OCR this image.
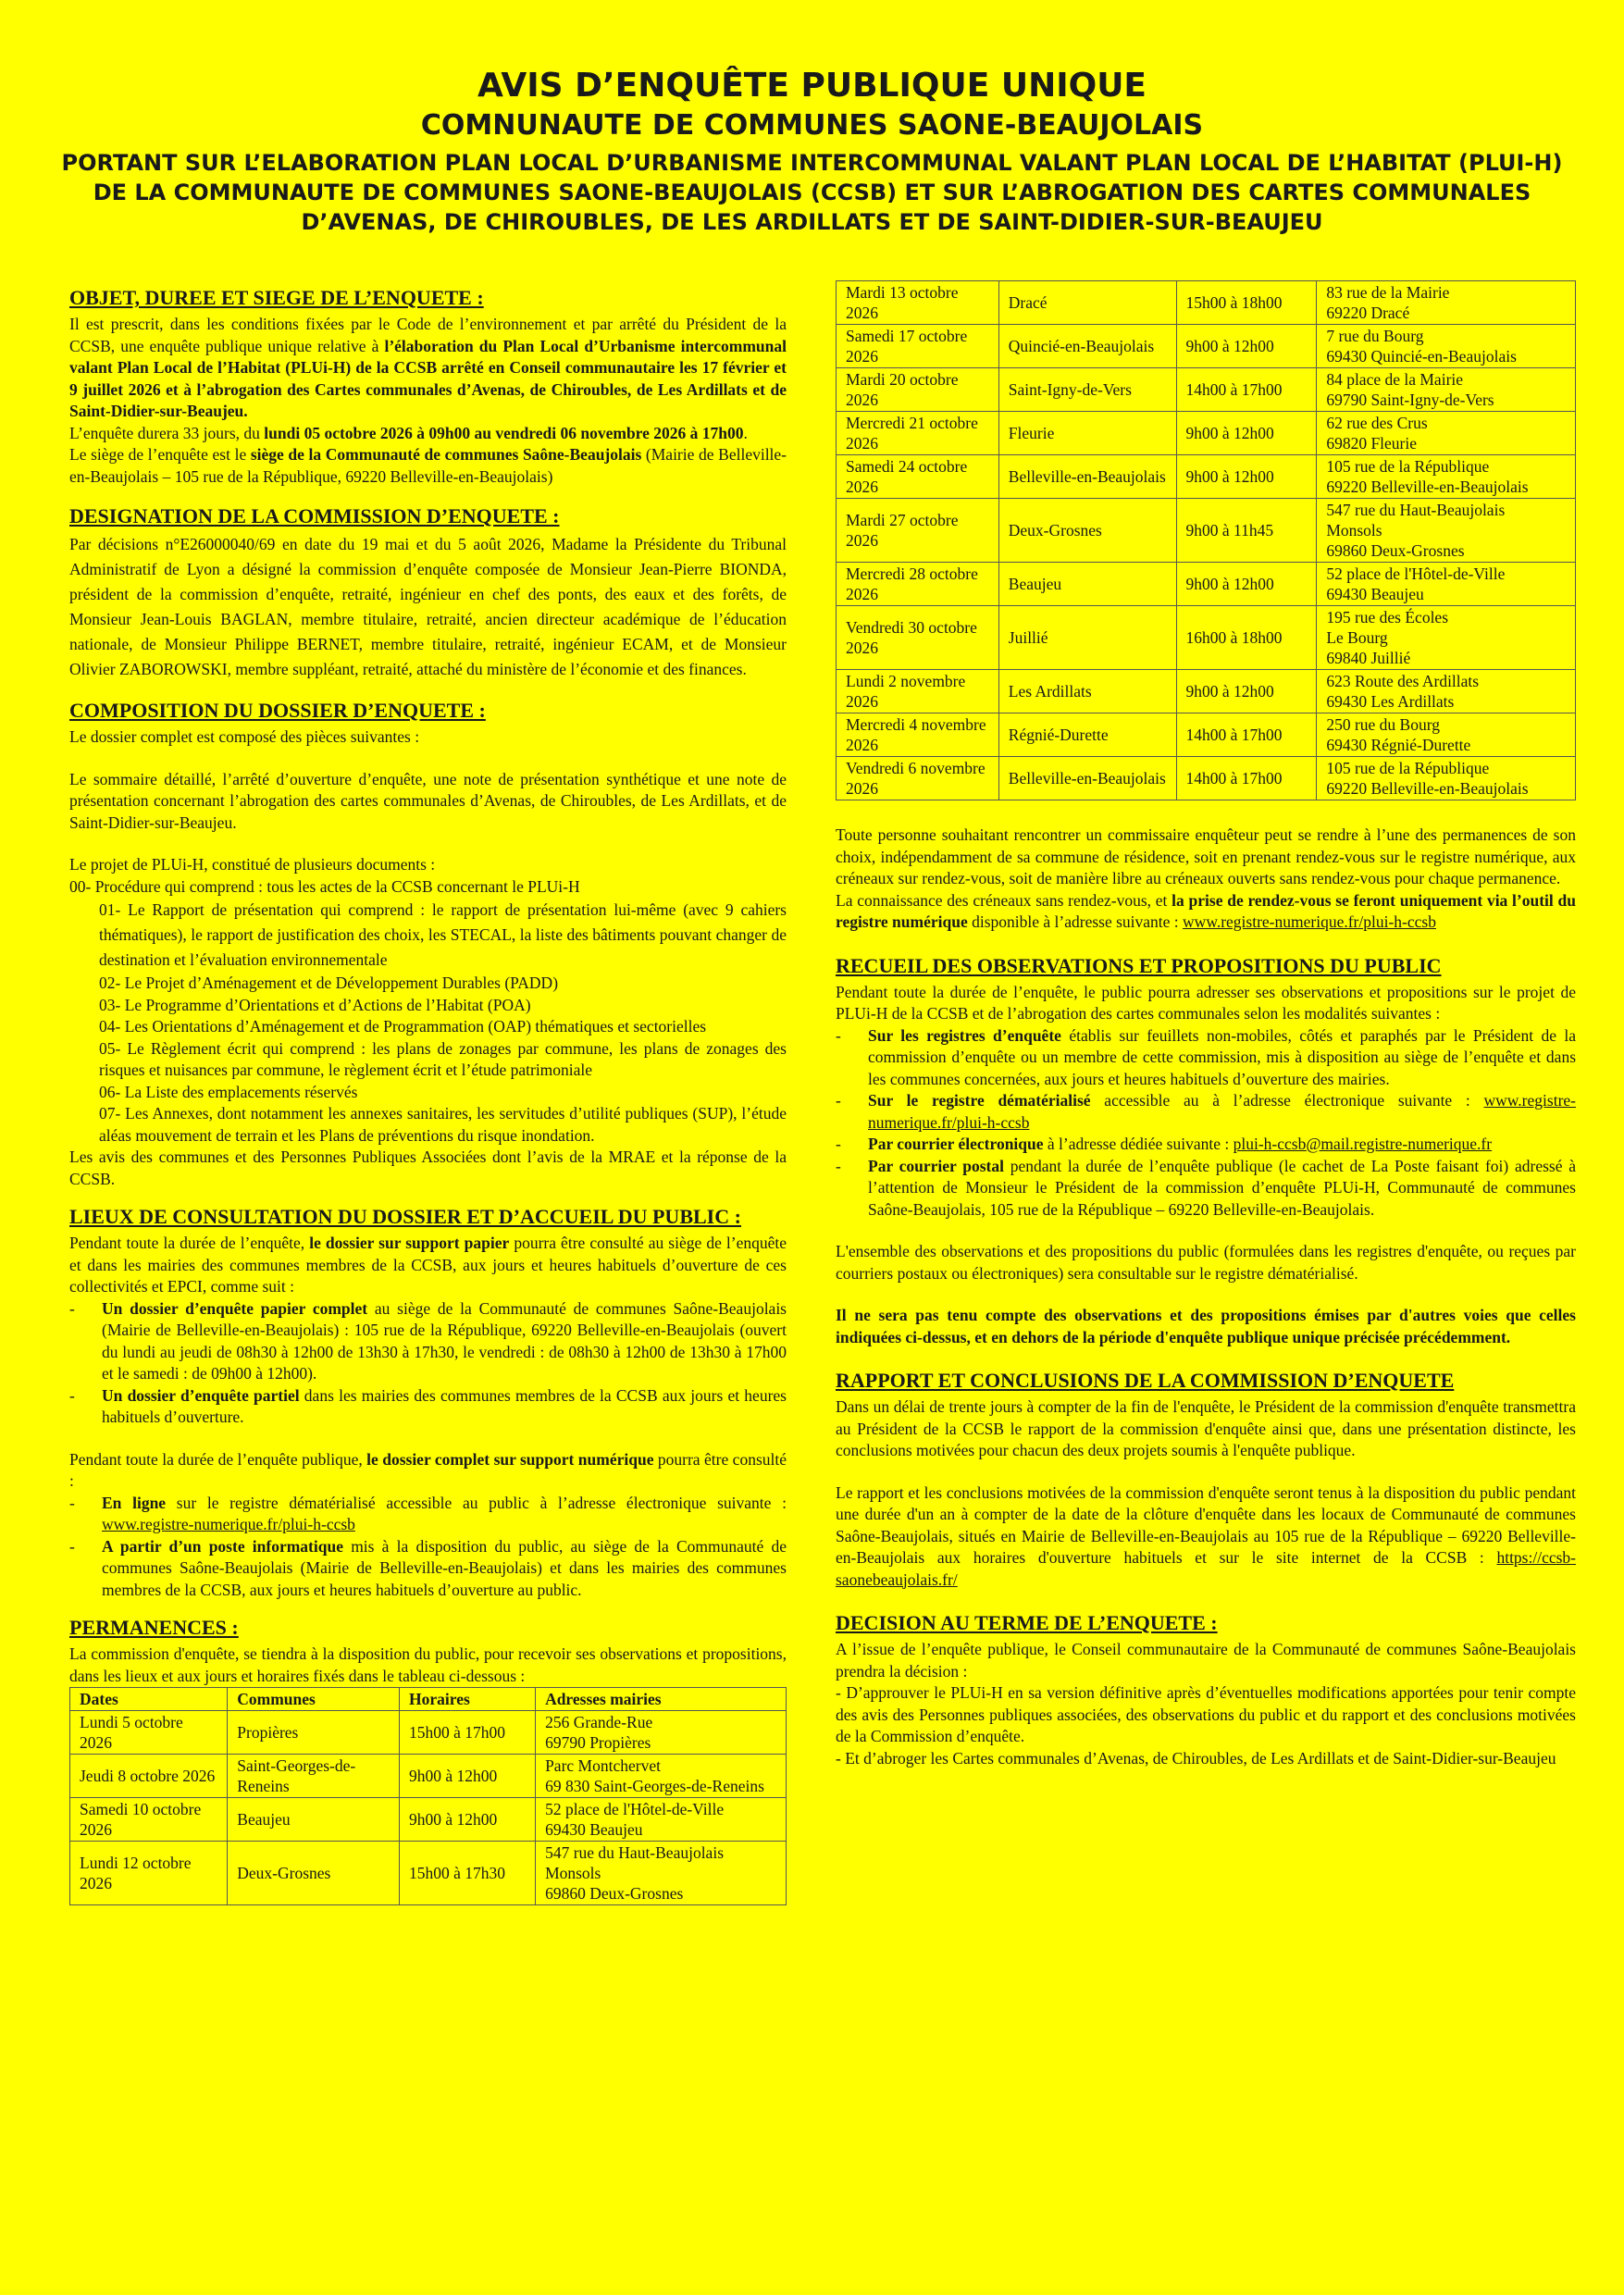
AVIS D’ENQUÊTE PUBLIQUE UNIQUE
COMNUNAUTE DE COMMUNES SAONE-BEAUJOLAIS
PORTANT SUR L’ELABORATION PLAN LOCAL D’URBANISME INTERCOMMUNAL VALANT PLAN LOCAL DE L’HABITAT (PLUI-H) DE LA COMMUNAUTE DE COMMUNES SAONE-BEAUJOLAIS (CCSB) ET SUR L’ABROGATION DES CARTES COMMUNALES D’AVENAS, DE CHIROUBLES, DE LES ARDILLATS ET DE SAINT-DIDIER-SUR-BEAUJEU
OBJET, DUREE ET SIEGE DE L’ENQUETE :

Il est prescrit, dans les conditions fixées par le Code de l’environnement et par arrêté du Président de la CCSB, une enquête publique unique relative à l’élaboration du Plan Local d’Urbanisme intercommunal valant Plan Local de l’Habitat (PLUi-H) de la CCSB arrêté en Conseil communautaire les 17 février et 9 juillet 2026 et à l’abrogation des Cartes communales d’Avenas, de Chiroubles, de Les Ardillats et de Saint-Didier-sur-Beaujeu.

L’enquête durera 33 jours, du lundi 05 octobre 2026 à 09h00 au vendredi 06 novembre 2026 à 17h00.

Le siège de l’enquête est le siège de la Communauté de communes Saône-Beaujolais (Mairie de Belleville-en-Beaujolais – 105 rue de la République, 69220 Belleville-en-Beaujolais)

DESIGNATION DE LA COMMISSION D’ENQUETE :

Par décisions n°E26000040/69 en date du 19 mai et du 5 août 2026, Madame la Présidente du Tribunal Administratif de Lyon a désigné la commission d’enquête composée de Monsieur Jean-Pierre BIONDA, président de la commission d’enquête, retraité, ingénieur en chef des ponts, des eaux et des forêts, de Monsieur Jean-Louis BAGLAN, membre titulaire, retraité, ancien directeur académique de l’éducation nationale, de Monsieur Philippe BERNET, membre titulaire, retraité, ingénieur ECAM, et de Monsieur Olivier ZABOROWSKI, membre suppléant, retraité, attaché du ministère de l’économie et des finances.

COMPOSITION DU DOSSIER D’ENQUETE :

Le dossier complet est composé des pièces suivantes :

Le sommaire détaillé, l’arrêté d’ouverture d’enquête, une note de présentation synthétique et une note de présentation concernant l’abrogation des cartes communales d’Avenas, de Chiroubles, de Les Ardillats, et de Saint-Didier-sur-Beaujeu.

Le projet de PLUi-H, constitué de plusieurs documents :

00- Procédure qui comprend : tous les actes de la CCSB concernant le PLUi-H

01- Le Rapport de présentation qui comprend : le rapport de présentation lui-même (avec 9 cahiers thématiques), le rapport de justification des choix, les STECAL, la liste des bâtiments pouvant changer de destination et l’évaluation environnementale
02- Le Projet d’Aménagement et de Développement Durables (PADD)
03- Le Programme d’Orientations et d’Actions de l’Habitat (POA)
04- Les Orientations d’Aménagement et de Programmation (OAP) thématiques et sectorielles
05- Le Règlement écrit qui comprend : les plans de zonages par commune, les plans de zonages des risques et nuisances par commune, le règlement écrit et l’étude patrimoniale
06- La Liste des emplacements réservés
07- Les Annexes, dont notamment les annexes sanitaires, les servitudes d’utilité publiques (SUP), l’étude aléas mouvement de terrain et les Plans de préventions du risque inondation.

Les avis des communes et des Personnes Publiques Associées dont l’avis de la MRAE et la réponse de la CCSB.

LIEUX DE CONSULTATION DU DOSSIER ET D’ACCUEIL DU PUBLIC :

Pendant toute la durée de l’enquête, le dossier sur support papier pourra être consulté au siège de l’enquête et dans les mairies des communes membres de la CCSB, aux jours et heures habituels d’ouverture de ces collectivités et EPCI, comme suit :

- Un dossier d’enquête papier complet au siège de la Communauté de communes Saône-Beaujolais (Mairie de Belleville-en-Beaujolais) : 105 rue de la République, 69220 Belleville-en-Beaujolais (ouvert du lundi au jeudi de 08h30 à 12h00 de 13h30 à 17h30, le vendredi : de 08h30 à 12h00 de 13h30 à 17h00 et le samedi : de 09h00 à 12h00).
- Un dossier d’enquête partiel dans les mairies des communes membres de la CCSB aux jours et heures habituels d’ouverture.

Pendant toute la durée de l’enquête publique, le dossier complet sur support numérique pourra être consulté :

- En ligne sur le registre dématérialisé accessible au public à l’adresse électronique suivante : www.registre-numerique.fr/plui-h-ccsb
- A partir d’un poste informatique mis à la disposition du public, au siège de la Communauté de communes Saône-Beaujolais (Mairie de Belleville-en-Beaujolais) et dans les mairies des communes membres de la CCSB, aux jours et heures habituels d’ouverture au public.
PERMANENCES :

La commission d'enquête, se tiendra à la disposition du public, pour recevoir ses observations et propositions, dans les lieux et aux jours et horaires fixés dans le tableau ci-dessous :

Dates	Communes	Horaires	Adresses mairies
Lundi 5 octobre 2026	Propières	15h00 à 17h00	256 Grande-Rue
69790 Propières
Jeudi 8 octobre 2026	Saint-Georges-de-Reneins	9h00 à 12h00	Parc Montchervet
69 830 Saint-Georges-de-Reneins
Samedi 10 octobre 2026	Beaujeu	9h00 à 12h00	52 place de l'Hôtel-de-Ville
69430 Beaujeu
Lundi 12 octobre 2026	Deux-Grosnes	15h00 à 17h30	547 rue du Haut-Beaujolais
Monsols
69860 Deux-Grosnes
Mardi 13 octobre 2026	Dracé	15h00 à 18h00	83 rue de la Mairie
69220 Dracé
Samedi 17 octobre 2026	Quincié-en-Beaujolais	9h00 à 12h00	7 rue du Bourg
69430 Quincié-en-Beaujolais
Mardi 20 octobre 2026	Saint-Igny-de-Vers	14h00 à 17h00	84 place de la Mairie
69790 Saint-Igny-de-Vers
Mercredi 21 octobre 2026	Fleurie	9h00 à 12h00	62 rue des Crus
69820 Fleurie
Samedi 24 octobre 2026	Belleville-en-Beaujolais	9h00 à 12h00	105 rue de la République
69220 Belleville-en-Beaujolais
Mardi 27 octobre 2026	Deux-Grosnes	9h00 à 11h45	547 rue du Haut-Beaujolais
Monsols
69860 Deux-Grosnes
Mercredi 28 octobre 2026	Beaujeu	9h00 à 12h00	52 place de l'Hôtel-de-Ville
69430 Beaujeu
Vendredi 30 octobre 2026	Juillié	16h00 à 18h00	195 rue des Écoles
Le Bourg
69840 Juillié
Lundi 2 novembre 2026	Les Ardillats	9h00 à 12h00	623 Route des Ardillats
69430 Les Ardillats
Mercredi 4 novembre 2026	Régnié-Durette	14h00 à 17h00	250 rue du Bourg
69430 Régnié-Durette
Vendredi 6 novembre 2026	Belleville-en-Beaujolais	14h00 à 17h00	105 rue de la République
69220 Belleville-en-Beaujolais

Toute personne souhaitant rencontrer un commissaire enquêteur peut se rendre à l’une des permanences de son choix, indépendamment de sa commune de résidence, soit en prenant rendez-vous sur le registre numérique, aux créneaux sur rendez-vous, soit de manière libre au créneaux ouverts sans rendez-vous pour chaque permanence.

La connaissance des créneaux sans rendez-vous, et la prise de rendez-vous se feront uniquement via l’outil du registre numérique disponible à l’adresse suivante : www.registre-numerique.fr/plui-h-ccsb

RECUEIL DES OBSERVATIONS ET PROPOSITIONS DU PUBLIC

Pendant toute la durée de l’enquête, le public pourra adresser ses observations et propositions sur le projet de PLUi-H de la CCSB et de l’abrogation des cartes communales selon les modalités suivantes :

- Sur les registres d’enquête établis sur feuillets non-mobiles, côtés et paraphés par le Président de la commission d’enquête ou un membre de cette commission, mis à disposition au siège de l’enquête et dans les communes concernées, aux jours et heures habituels d’ouverture des mairies.
- Sur le registre dématérialisé accessible au à l’adresse électronique suivante : www.registre-numerique.fr/plui-h-ccsb
- Par courrier électronique à l’adresse dédiée suivante : plui-h-ccsb@mail.registre-numerique.fr
- Par courrier postal pendant la durée de l’enquête publique (le cachet de La Poste faisant foi) adressé à l’attention de Monsieur le Président de la commission d’enquête PLUi-H, Communauté de communes Saône-Beaujolais, 105 rue de la République – 69220 Belleville-en-Beaujolais.

L'ensemble des observations et des propositions du public (formulées dans les registres d'enquête, ou reçues par courriers postaux ou électroniques) sera consultable sur le registre dématérialisé.

Il ne sera pas tenu compte des observations et des propositions émises par d'autres voies que celles indiquées ci-dessus, et en dehors de la période d'enquête publique unique précisée précédemment.

RAPPORT ET CONCLUSIONS DE LA COMMISSION D’ENQUETE

Dans un délai de trente jours à compter de la fin de l'enquête, le Président de la commission d'enquête transmettra au Président de la CCSB le rapport de la commission d'enquête ainsi que, dans une présentation distincte, les conclusions motivées pour chacun des deux projets soumis à l'enquête publique.

Le rapport et les conclusions motivées de la commission d'enquête seront tenus à la disposition du public pendant une durée d'un an à compter de la date de la clôture d'enquête dans les locaux de Communauté de communes Saône-Beaujolais, situés en Mairie de Belleville-en-Beaujolais au 105 rue de la République – 69220 Belleville-en-Beaujolais aux horaires d'ouverture habituels et sur le site internet de la CCSB : https://ccsb-saonebeaujolais.fr/

DECISION AU TERME DE L’ENQUETE :

A l’issue de l’enquête publique, le Conseil communautaire de la Communauté de communes Saône-Beaujolais prendra la décision :

- D’approuver le PLUi-H en sa version définitive après d’éventuelles modifications apportées pour tenir compte des avis des Personnes publiques associées, des observations du public et du rapport et des conclusions motivées de la Commission d’enquête.

- Et d’abroger les Cartes communales d’Avenas, de Chiroubles, de Les Ardillats et de Saint-Didier-sur-Beaujeu
